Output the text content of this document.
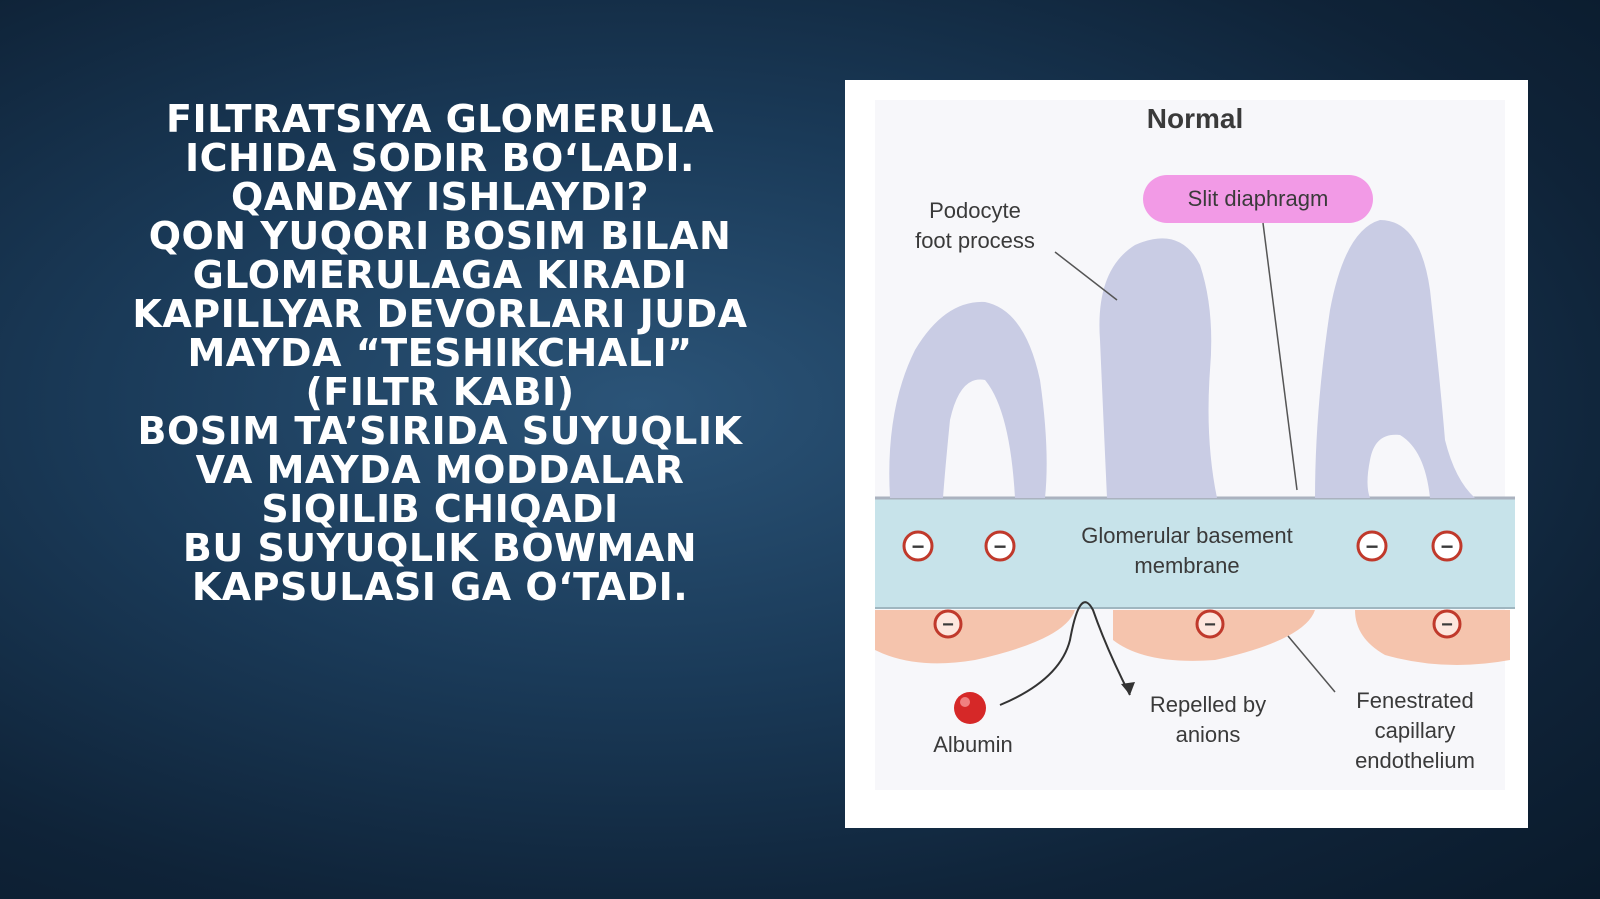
FILTRATSIYA GLOMERULA ICHIDA SODIR BO‘LADI.
QANDAY ISHLAYDI?
QON YUQORI BOSIM BILAN GLOMERULAGA KIRADI
KAPILLYAR DEVORLARI JUDA MAYDA “TESHIKCHALI” (FILTR KABI)
BOSIM TA’SIRIDA SUYUQLIK VA MAYDA MODDALAR SIQILIB CHIQADI
BU SUYUQLIK BOWMAN KAPSULASI GA O‘TADI.
Normal
Slit diaphragm
Podocyte
foot process
Glomerular basement
membrane
−	−	−	−
−	−	−
Albumin
Repelled by
anions
Fenestrated
capillary
endothelium
